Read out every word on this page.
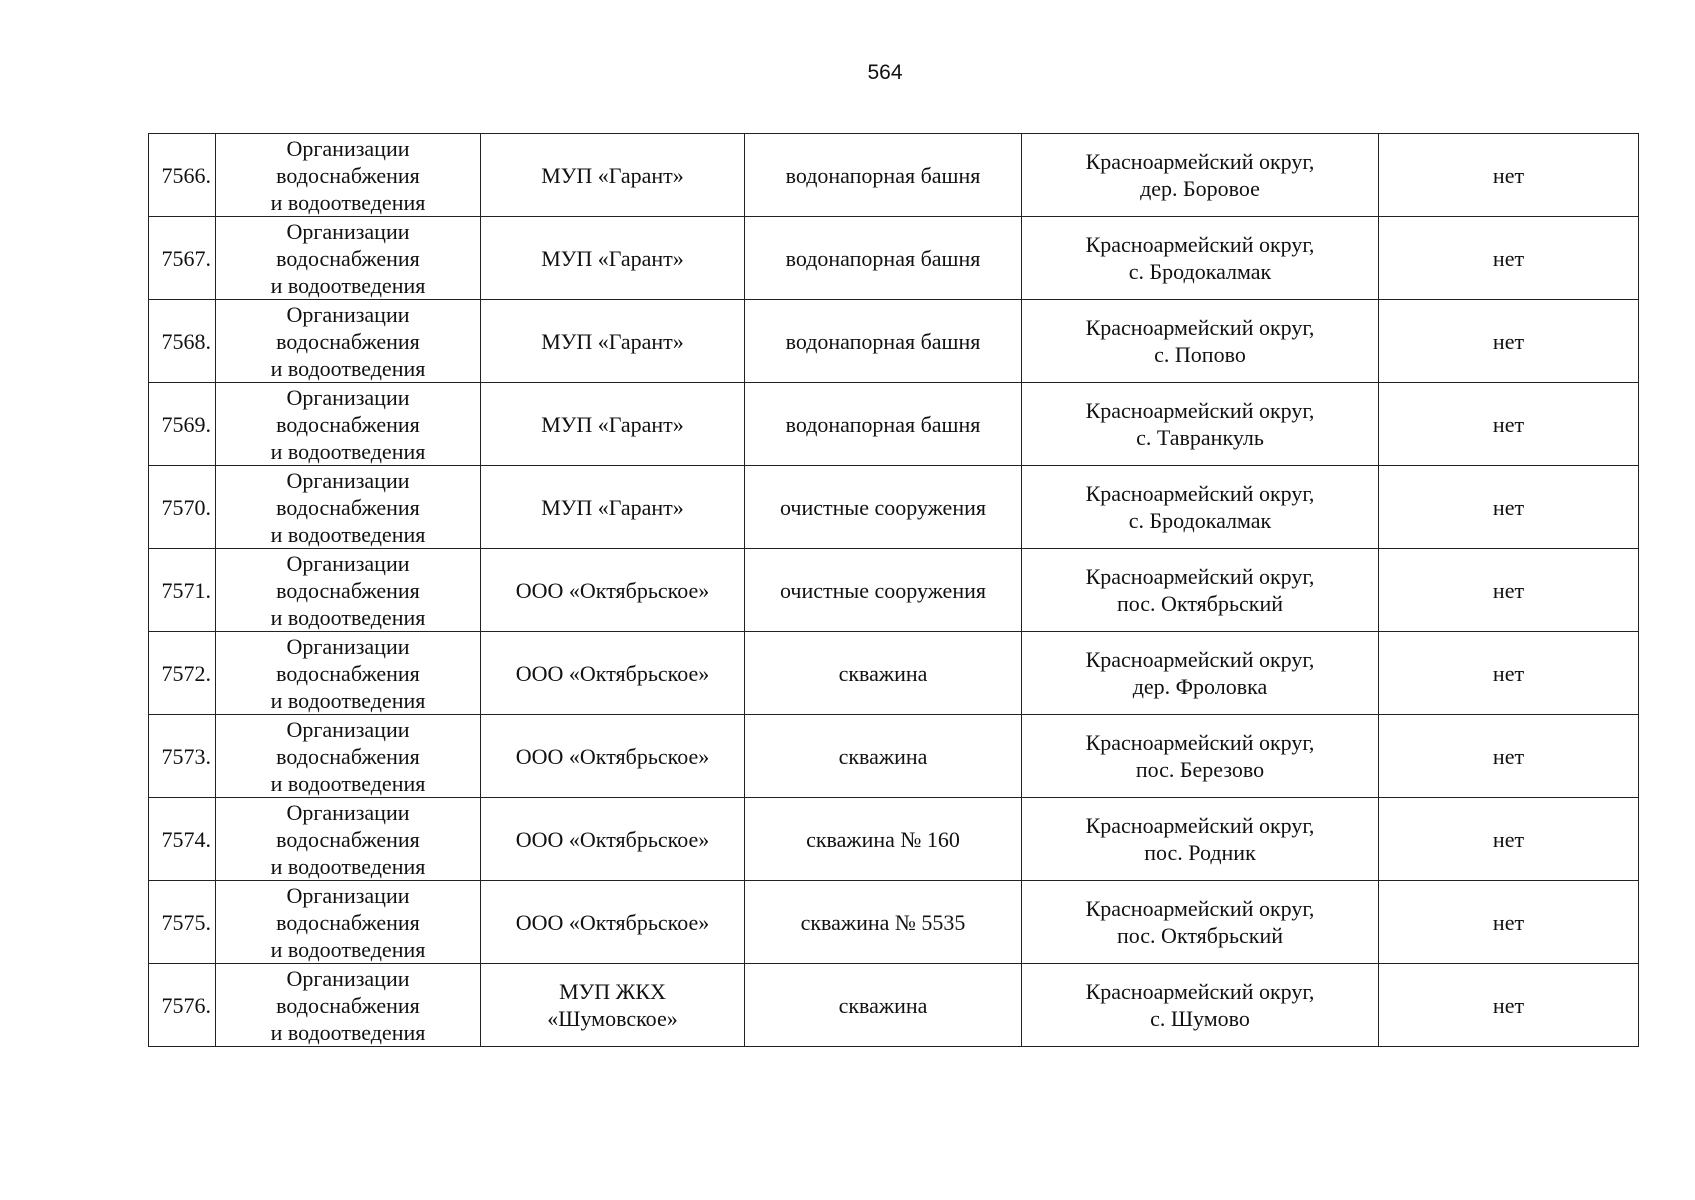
564
7566.	Организации
водоснабжения
и водоотведения	МУП «Гарант»	водонапорная башня	Красноармейский округ,
дер. Боровое	нет
7567.	Организации
водоснабжения
и водоотведения	МУП «Гарант»	водонапорная башня	Красноармейский округ,
с. Бродокалмак	нет
7568.	Организации
водоснабжения
и водоотведения	МУП «Гарант»	водонапорная башня	Красноармейский округ,
с. Попово	нет
7569.	Организации
водоснабжения
и водоотведения	МУП «Гарант»	водонапорная башня	Красноармейский округ,
с. Тавранкуль	нет
7570.	Организации
водоснабжения
и водоотведения	МУП «Гарант»	очистные сооружения	Красноармейский округ,
с. Бродокалмак	нет
7571.	Организации
водоснабжения
и водоотведения	ООО «Октябрьское»	очистные сооружения	Красноармейский округ,
пос. Октябрьский	нет
7572.	Организации
водоснабжения
и водоотведения	ООО «Октябрьское»	скважина	Красноармейский округ,
дер. Фроловка	нет
7573.	Организации
водоснабжения
и водоотведения	ООО «Октябрьское»	скважина	Красноармейский округ,
пос. Березово	нет
7574.	Организации
водоснабжения
и водоотведения	ООО «Октябрьское»	скважина № 160	Красноармейский округ,
пос. Родник	нет
7575.	Организации
водоснабжения
и водоотведения	ООО «Октябрьское»	скважина № 5535	Красноармейский округ,
пос. Октябрьский	нет
7576.	Организации
водоснабжения
и водоотведения	МУП ЖКХ
«Шумовское»	скважина	Красноармейский округ,
с. Шумово	нет
